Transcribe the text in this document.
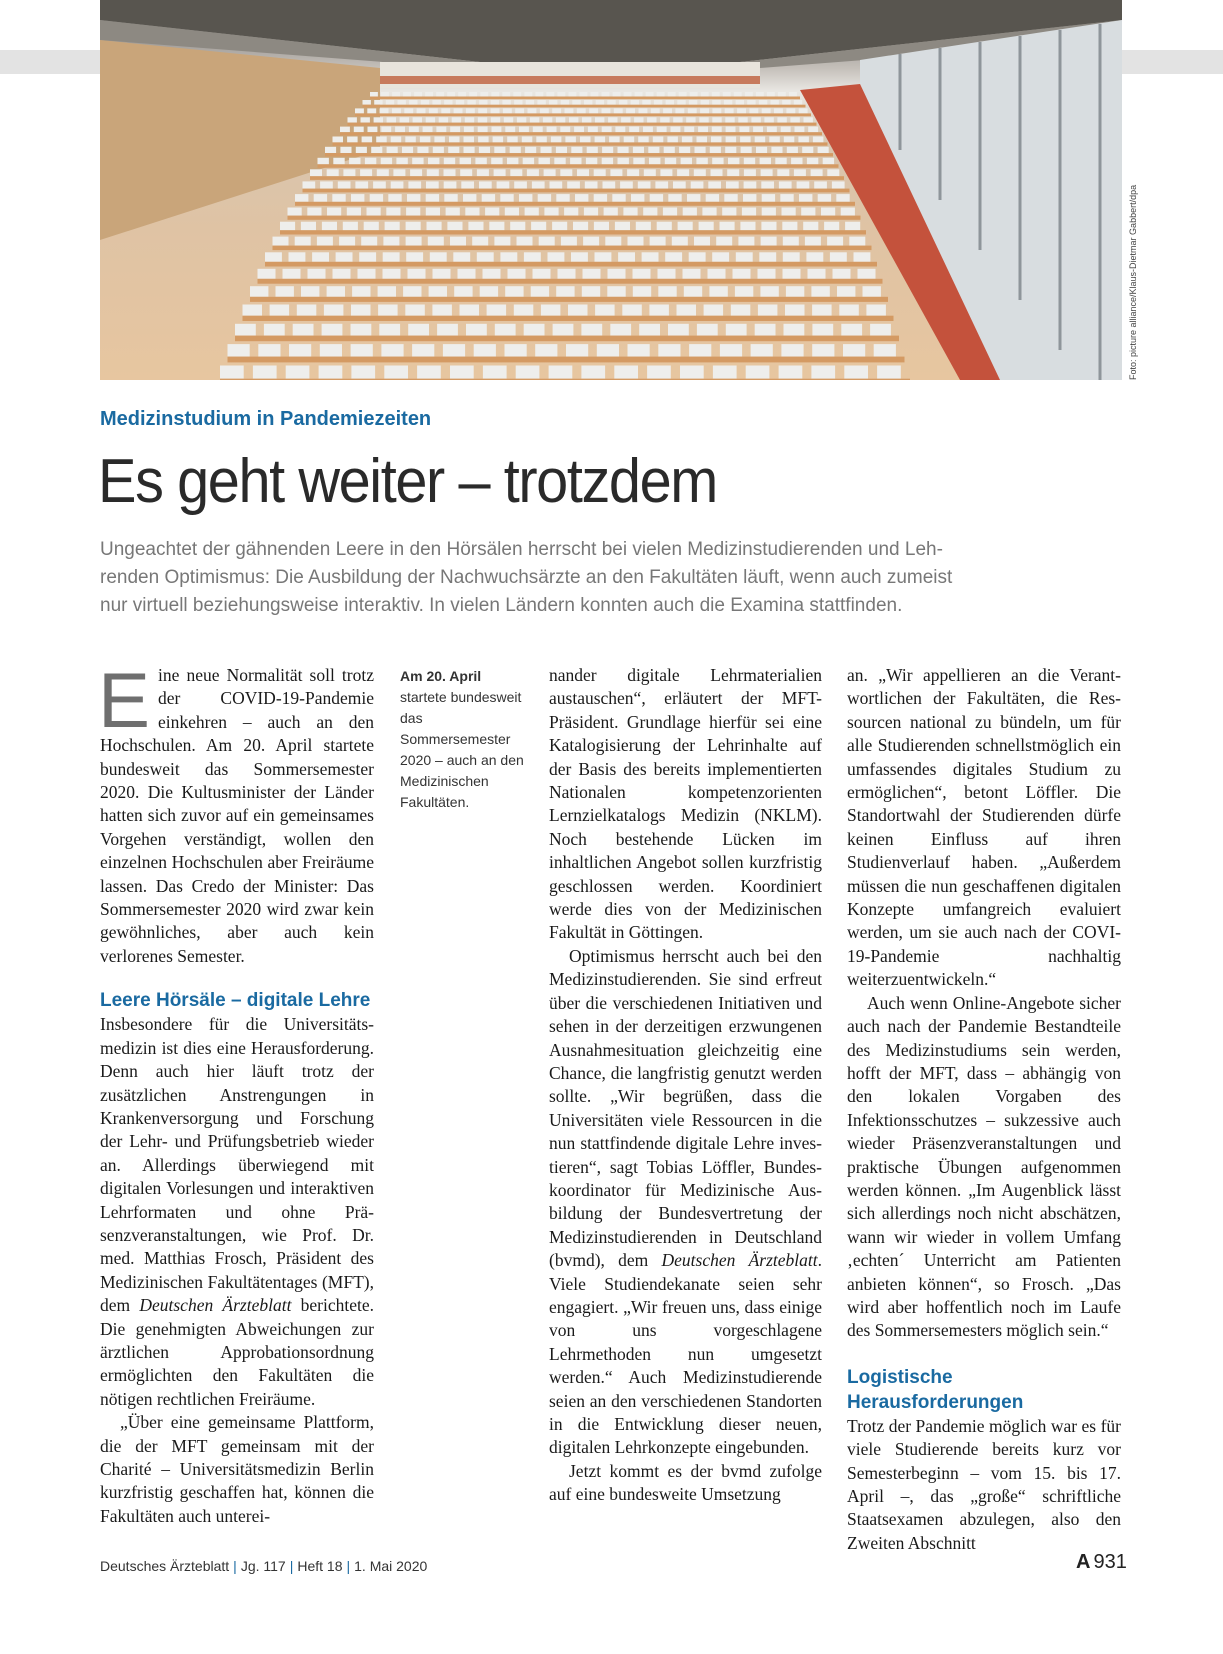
Foto: picture alliance/Klaus-Dietmar Gabbert/dpa
Medizinstudium in Pandemiezeiten
Es geht weiter – trotzdem
Ungeachtet der gähnenden Leere in den Hörsälen herrscht bei vielen Medizinstudierenden und Leh-
renden Optimismus: Die Ausbildung der Nachwuchsärzte an den Fakultäten läuft, wenn auch zumeist
nur virtuell beziehungsweise interaktiv. In vielen Ländern konnten auch die Examina stattfinden.

Eine neue Normalität soll trotz der COVID-19-Pandemie einkehren – auch an den Hochschulen. Am 20. April startete bundesweit das Sommersemester 2020. Die Kultusminister der Länder hatten sich zuvor auf ein gemeinsames Vorgehen verständigt, wollen den einzelnen Hochschulen aber Freiräume lassen. Das Credo der Minister: Das Sommersemester 2020 wird zwar kein gewöhnliches, aber auch kein verlorenes Semester.

Leere Hörsäle – digitale Lehre

Insbesondere für die Universitätsmedizin ist dies eine Herausforderung. Denn auch hier läuft trotz der zusätzlichen Anstrengungen in Krankenversorgung und Forschung der Lehr- und Prüfungsbetrieb wieder an. Allerdings überwiegend mit digitalen Vorlesungen und interaktiven Lehrformaten und ohne Präsenzveranstaltungen, wie Prof. Dr. med. Matthias Frosch, Präsident des Medizinischen Fakultätentages (MFT), dem Deutschen Ärzteblatt berichtete. Die genehmigten Abweichungen zur ärztlichen Approbationsordnung ermöglichten den Fakultäten die nötigen rechtlichen Freiräume.

„Über eine gemeinsame Plattform, die der MFT gemeinsam mit der Charité – Universitätsmedizin Berlin kurzfristig geschaffen hat, können die Fakultäten auch unterei-

Am 20. April startete bundesweit das Sommersemester 2020 – auch an den Medizinischen Fakultäten.

nander digitale Lehrmaterialien austauschen“, erläutert der MFT-Präsident. Grundlage hierfür sei eine Katalogisierung der Lehrinhalte auf der Basis des bereits implementierten Nationalen kompetenzorienten Lernzielkatalogs Medizin (NKLM). Noch bestehende Lücken im inhaltlichen Angebot sollen kurzfristig geschlossen werden. Koordiniert werde dies von der Medizinischen Fakultät in Göttingen.

Optimismus herrscht auch bei den Medizinstudierenden. Sie sind erfreut über die verschiedenen Initiativen und sehen in der derzeitigen erzwungenen Ausnahmesituation gleichzeitig eine Chance, die langfristig genutzt werden sollte. „Wir begrüßen, dass die Universitäten viele Ressourcen in die nun stattfindende digitale Lehre investieren“, sagt Tobias Löffler, Bundeskoordinator für Medizinische Ausbildung der Bundesvertretung der Medizinstudierenden in Deutschland (bvmd), dem Deutschen Ärzteblatt. Viele Studiendekanate seien sehr engagiert. „Wir freuen uns, dass einige von uns vorgeschlagene Lehrmethoden nun umgesetzt werden.“ Auch Medizinstudierende seien an den verschiedenen Standorten in die Entwicklung dieser neuen, digitalen Lehrkonzepte eingebunden.

Jetzt kommt es der bvmd zufolge auf eine bundesweite Umsetzung

an. „Wir appellieren an die Verantwortlichen der Fakultäten, die Ressourcen national zu bündeln, um für alle Studierenden schnellstmöglich ein umfassendes digitales Studium zu ermöglichen“, betont Löffler. Die Standortwahl der Studierenden dürfe keinen Einfluss auf ihren Studienverlauf haben. „Außerdem müssen die nun geschaffenen digitalen Konzepte umfangreich evaluiert werden, um sie auch nach der COVI-19-Pandemie nachhaltig weiterzuentwickeln.“

Auch wenn Online-Angebote sicher auch nach der Pandemie Bestandteile des Medizinstudiums sein werden, hofft der MFT, dass – abhängig von den lokalen Vorgaben des Infektionsschutzes – sukzessive auch wieder Präsenzveranstaltungen und praktische Übungen aufgenommen werden können. „Im Augenblick lässt sich allerdings noch nicht abschätzen, wann wir wieder in vollem Umfang ‚echten´ Unterricht am Patienten anbieten können“, so Frosch. „Das wird aber hoffentlich noch im Laufe des Sommersemesters möglich sein.“

Logistische Herausforderungen

Trotz der Pandemie möglich war es für viele Studierende bereits kurz vor Semesterbeginn – vom 15. bis 17. April –, das „große“ schriftliche Staatsexamen abzulegen, also den Zweiten Abschnitt

Deutsches Ärzteblatt | Jg. 117 | Heft 18 | 1. Mai 2020	A 931
